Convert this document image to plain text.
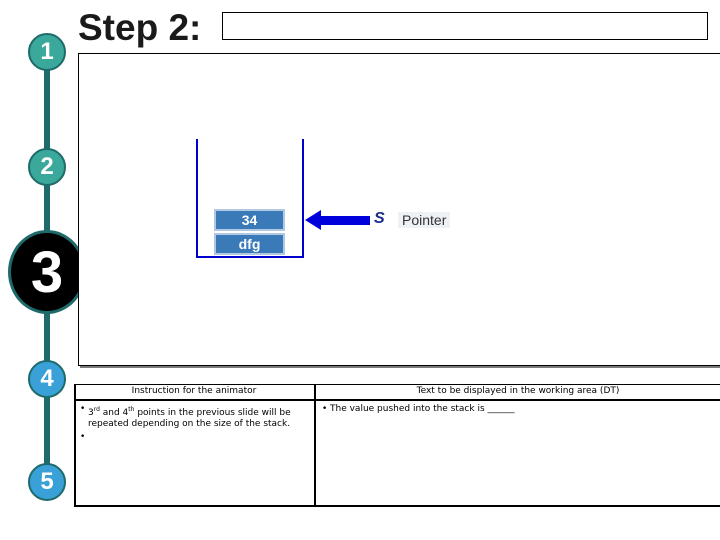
1
2
3
4
5
Step 2:
34
dfg
S Pointer
Instruction for the animator	Text to be displayed in the working area (DT)
• 3rd and 4th points in the previous slide will be repeated depending on the size of the stack.
• The value pushed into the stack is ______
